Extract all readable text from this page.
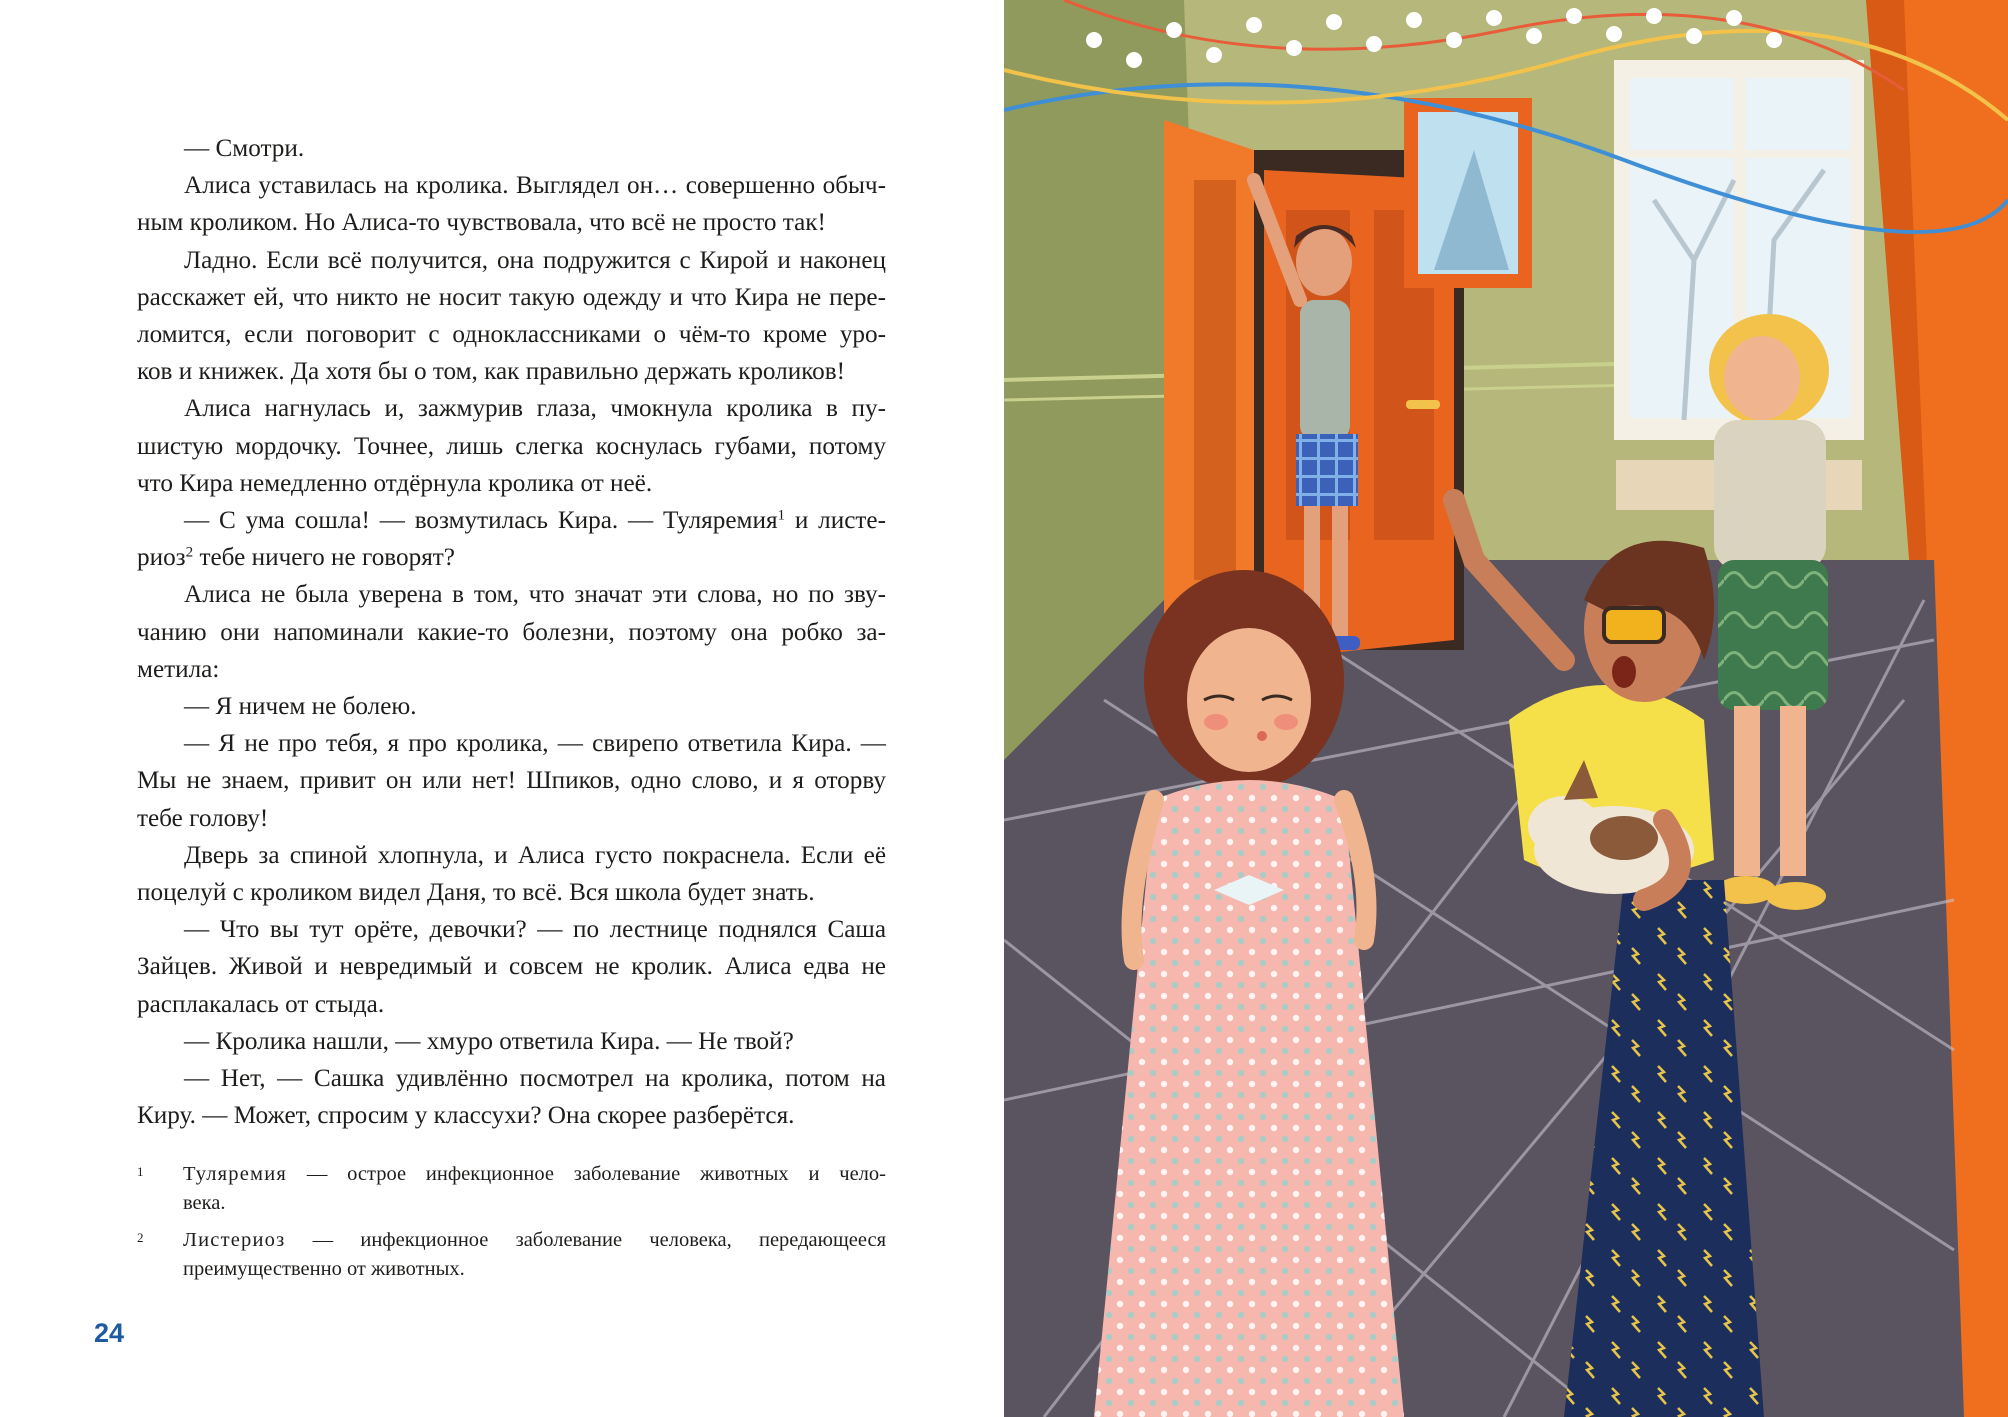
— Смотри.
Алиса уставилась на кролика. Выглядел он… совершенно обыч-
ным кроликом. Но Алиса-то чувствовала, что всё не просто так!
Ладно. Если всё получится, она подружится с Кирой и наконец
расскажет ей, что никто не носит такую одежду и что Кира не пере-
ломится, если поговорит с одноклассниками о чём-то кроме уро-
ков и книжек. Да хотя бы о том, как правильно держать кроликов!
Алиса нагнулась и, зажмурив глаза, чмокнула кролика в пу-
шистую мордочку. Точнее, лишь слегка коснулась губами, потому
что Кира немедленно отдёрнула кролика от неё.
— С ума сошла! — возмутилась Кира. — Туляремия$^1$ и листе-
риоз$^2$ тебе ничего не говорят?
Алиса не была уверена в том, что значат эти слова, но по зву-
чанию они напоминали какие-то болезни, поэтому она робко за-
метила:
— Я ничем не болею.
— Я не про тебя, я про кролика, — свирепо ответила Кира. —
Мы не знаем, привит он или нет! Шпиков, одно слово, и я оторву
тебе голову!
Дверь за спиной хлопнула, и Алиса густо покраснела. Если её
поцелуй с кроликом видел Даня, то всё. Вся школа будет знать.
— Что вы тут орёте, девочки? — по лестнице поднялся Саша
Зайцев. Живой и невредимый и совсем не кролик. Алиса едва не
расплакалась от стыда.
— Кролика нашли, — хмуро ответила Кира. — Не твой?
— Нет, — Сашка удивлённо посмотрел на кролика, потом на
Киру. — Может, спросим у классухи? Она скорее разберётся.
1 Туляремия — острое инфекционное заболевание животных и чело-
века.
2 Листериоз — инфекционное заболевание человека, передающееся
преимущественно от животных.
24
